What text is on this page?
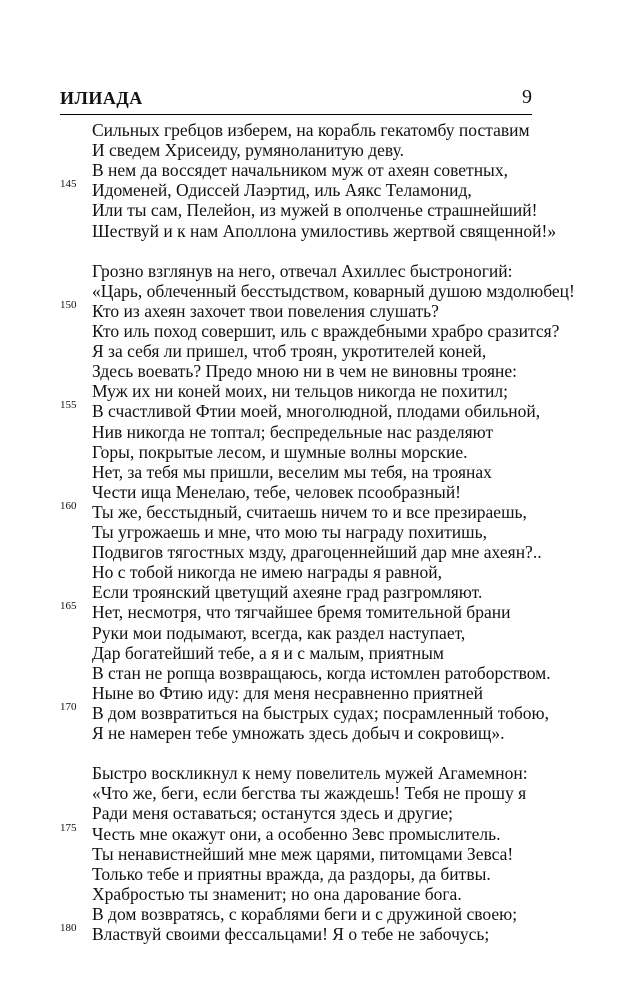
ИЛИАДА	9
Сильных гребцов изберем, на корабль гекатомбу поставим
И сведем Хрисеиду, румянoланитую деву.
В нем да воссядет начальником муж от ахеян советных,
Идоменей, Одиссей Лаэртид, иль Аякс Теламонид,
145
Или ты сам, Пелейон, из мужей в ополченье страшнейший!
Шествуй и к нам Аполлона умилостивь жертвой священной!»
Грозно взглянув на него, отвечал Ахиллес быстроногий:
«Царь, облеченный бесстыдством, коварный душою мздолюбец!
Кто из ахеян захочет твои повеления слушать?
150
Кто иль поход совершит, иль с враждебными храбро сразится?
Я за себя ли пришел, чтоб троян, укротителей коней,
Здесь воевать? Предо мною ни в чем не виновны трояне:
Муж их ни коней моих, ни тельцов никогда не похитил;
В счастливой Фтии моей, многолюдной, плодами обильной,
155
Нив никогда не топтал; беспредельные нас разделяют
Горы, покрытые лесом, и шумные волны морские.
Нет, за тебя мы пришли, веселим мы тебя, на троянах
Чести ища Менелаю, тебе, человек псообразный!
Ты же, бесстыдный, считаешь ничем то и все презираешь,
160
Ты угрожаешь и мне, что мою ты награду похитишь,
Подвигов тягостных мзду, драгоценнейший дар мне ахеян?..
Но с тобой никогда не имею награды я равной,
Если троянский цветущий ахеяне град разгромляют.
Нет, несмотря, что тягчайшее бремя томительной брани
165
Руки мои подымают, всегда, как раздел наступает,
Дар богатейший тебе, а я и с малым, приятным
В стан не ропща возвращаюсь, когда истомлен ратоборством.
Ныне во Фтию иду: для меня несравненно приятней
В дом возвратиться на быстрых судах; посрамленный тобою,
170
Я не намерен тебе умножать здесь добыч и сокровищ».
Быстро воскликнул к нему повелитель мужей Агамемнон:
«Что же, беги, если бегства ты жаждешь! Тебя не прошу я
Ради меня оставаться; останутся здесь и другие;
Честь мне окажут они, а особенно Зевс промыслитель.
175
Ты ненавистнейший мне меж царями, питомцами Зевса!
Только тебе и приятны вражда, да раздоры, да битвы.
Храбростью ты знаменит; но она дарование бога.
В дом возвратясь, с кораблями беги и с дружиной своею;
Властвуй своими фессальцами! Я о тебе не забочусь;
180
